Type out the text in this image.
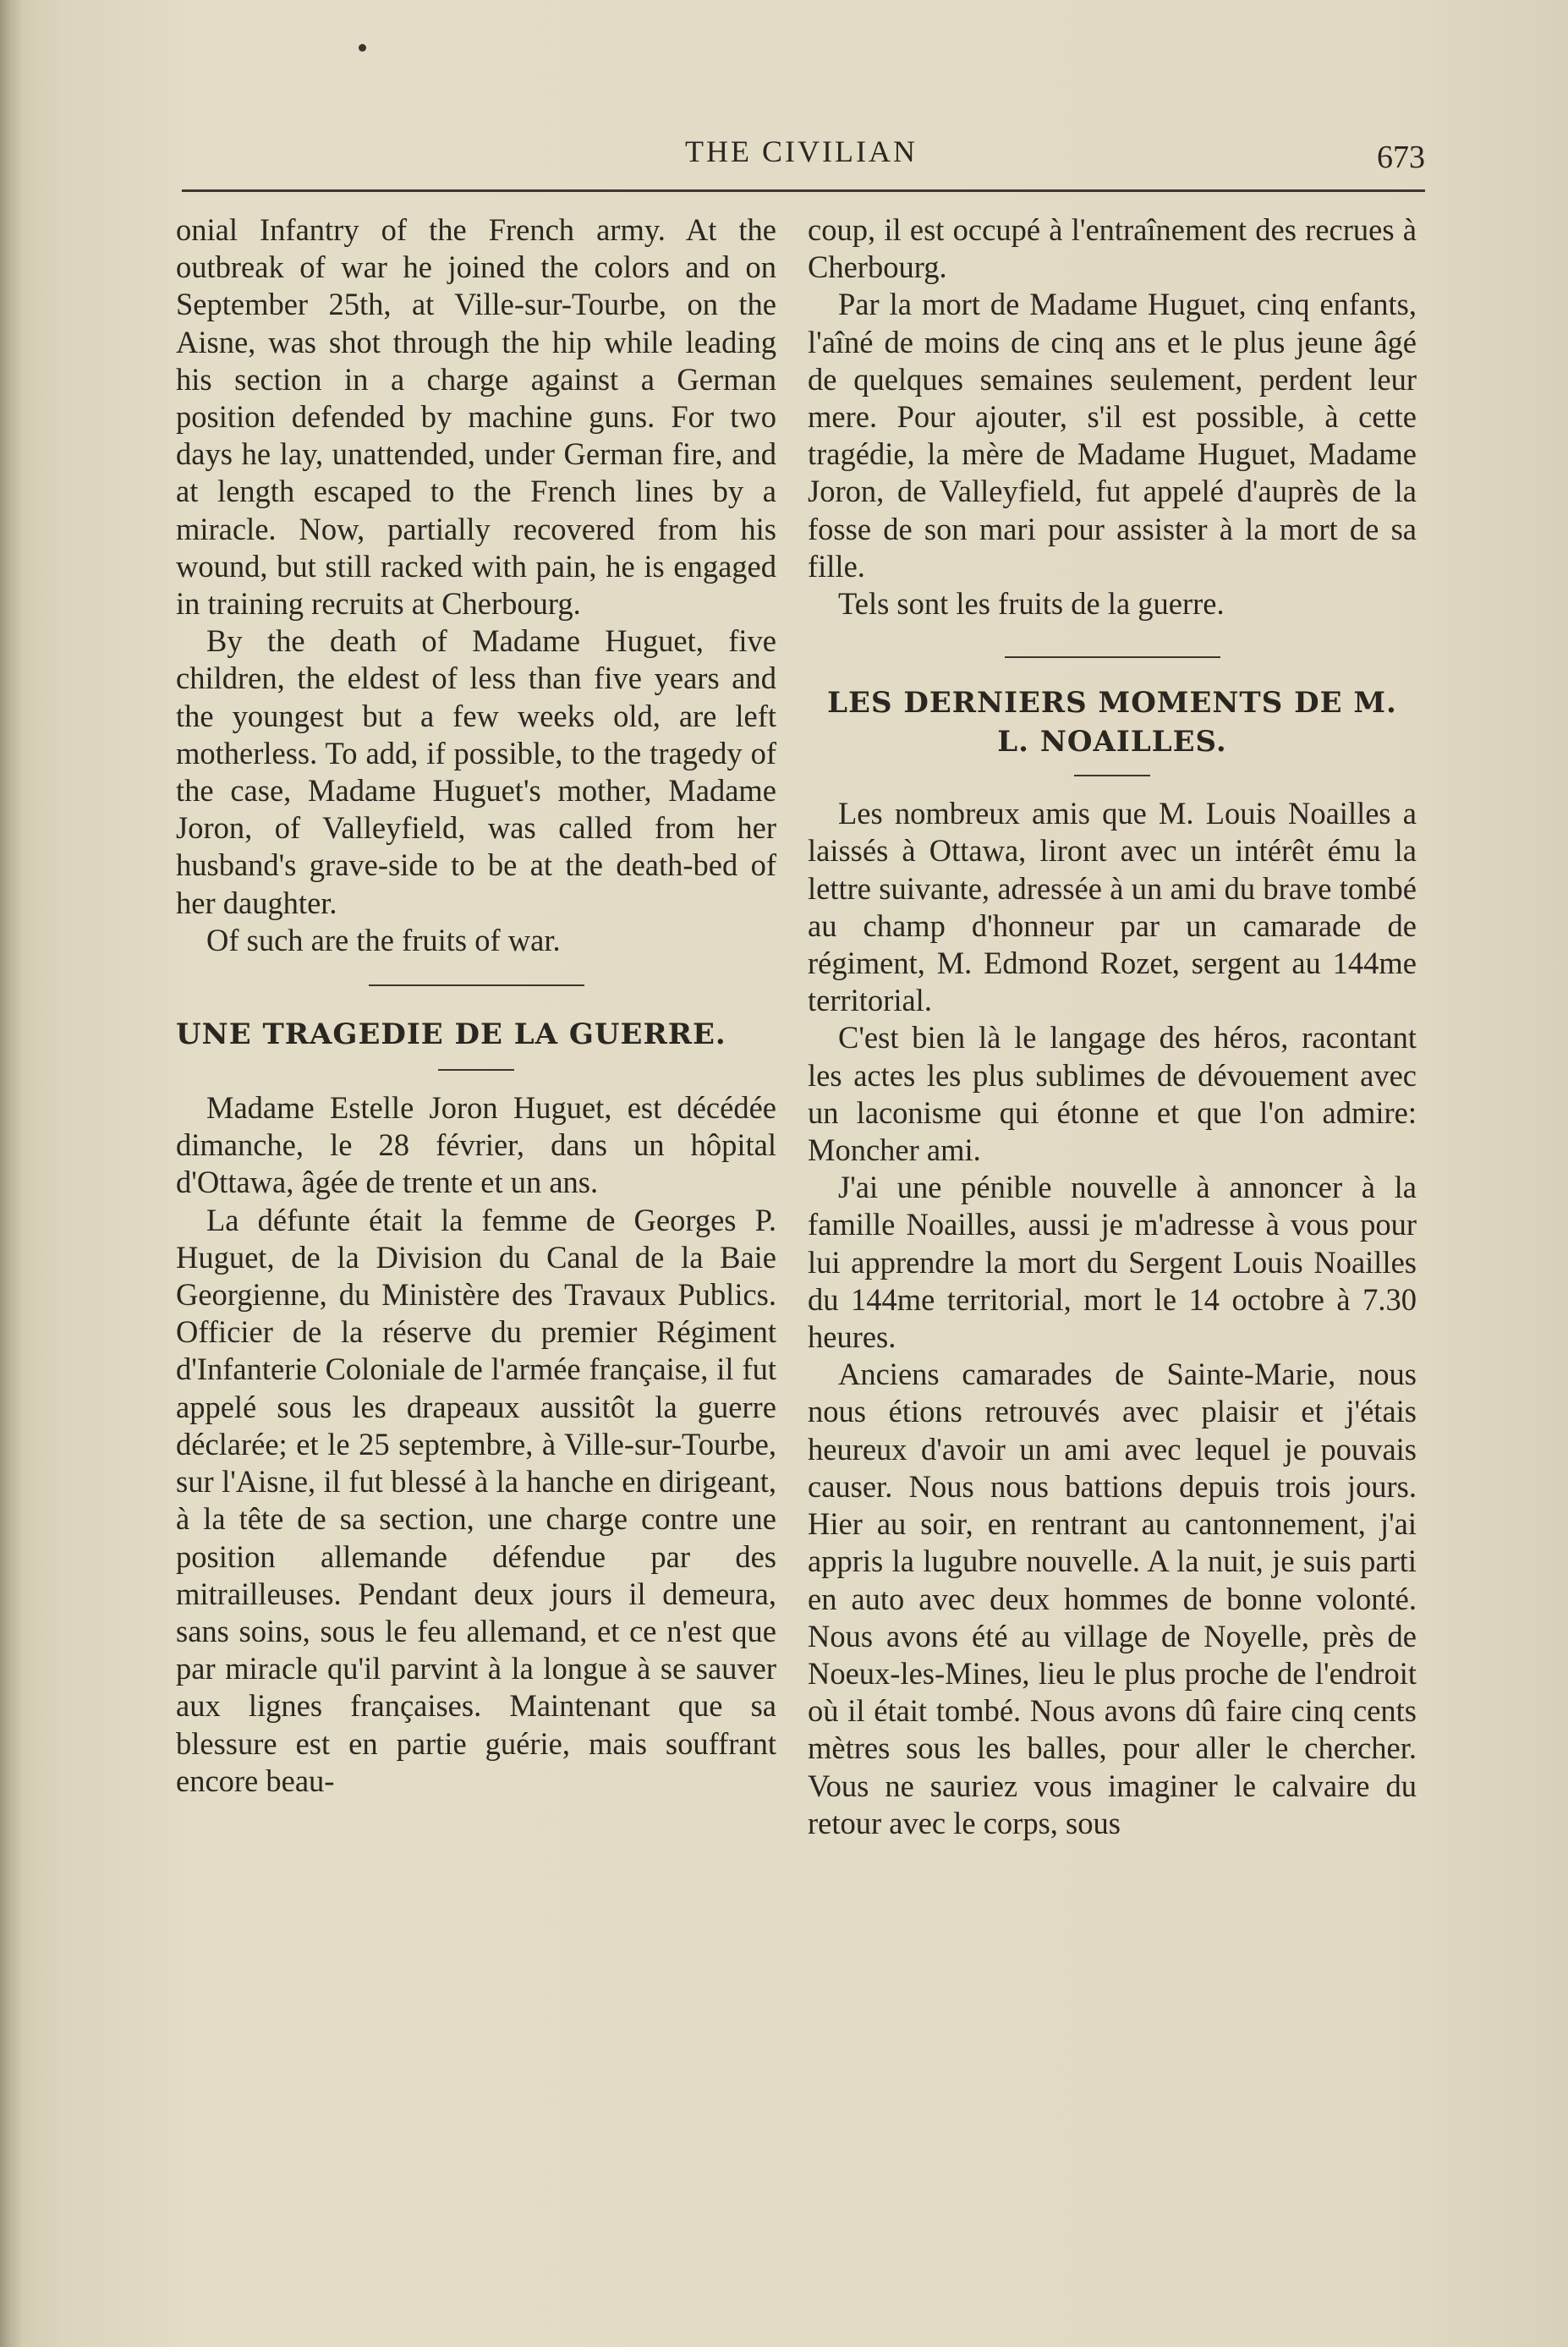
THE CIVILIAN	673

onial Infantry of the French army. At the outbreak of war he joined the colors and on September 25th, at Ville-sur-Tourbe, on the Aisne, was shot through the hip while leading his section in a charge against a German position defended by machine guns. For two days he lay, unattended, under German fire, and at length escaped to the French lines by a miracle. Now, partially recovered from his wound, but still racked with pain, he is engaged in training recruits at Cherbourg.

By the death of Madame Huguet, five children, the eldest of less than five years and the youngest but a few weeks old, are left motherless. To add, if possible, to the tragedy of the case, Madame Huguet's mother, Madame Joron, of Valleyfield, was called from her husband's grave-side to be at the death-bed of her daughter.

Of such are the fruits of war.

UNE TRAGEDIE DE LA GUERRE.

Madame Estelle Joron Huguet, est décédée dimanche, le 28 février, dans un hôpital d'Ottawa, âgée de trente et un ans.

La défunte était la femme de Georges P. Huguet, de la Division du Canal de la Baie Georgienne, du Ministère des Travaux Publics. Officier de la réserve du premier Régiment d'Infanterie Coloniale de l'armée française, il fut appelé sous les drapeaux aussitôt la guerre déclarée; et le 25 septembre, à Ville-sur-Tourbe, sur l'Aisne, il fut blessé à la hanche en dirigeant, à la tête de sa section, une charge contre une position allemande défendue par des mitrailleuses. Pendant deux jours il demeura, sans soins, sous le feu allemand, et ce n'est que par miracle qu'il parvint à la longue à se sauver aux lignes françaises. Maintenant que sa blessure est en partie guérie, mais souffrant encore beau-

coup, il est occupé à l'entraînement des recrues à Cherbourg.

Par la mort de Madame Huguet, cinq enfants, l'aîné de moins de cinq ans et le plus jeune âgé de quelques semaines seulement, perdent leur mere. Pour ajouter, s'il est possible, à cette tragédie, la mère de Madame Huguet, Madame Joron, de Valleyfield, fut appelé d'auprès de la fosse de son mari pour assister à la mort de sa fille.

Tels sont les fruits de la guerre.

LES DERNIERS MOMENTS DE M. L. NOAILLES.

Les nombreux amis que M. Louis Noailles a laissés à Ottawa, liront avec un intérêt ému la lettre suivante, adressée à un ami du brave tombé au champ d'honneur par un camarade de régiment, M. Edmond Rozet, sergent au 144me territorial.

C'est bien là le langage des héros, racontant les actes les plus sublimes de dévouement avec un laconisme qui étonne et que l'on admire: Moncher ami.

J'ai une pénible nouvelle à annoncer à la famille Noailles, aussi je m'adresse à vous pour lui apprendre la mort du Sergent Louis Noailles du 144me territorial, mort le 14 octobre à 7.30 heures.

Anciens camarades de Sainte-Marie, nous nous étions retrouvés avec plaisir et j'étais heureux d'avoir un ami avec lequel je pouvais causer. Nous nous battions depuis trois jours. Hier au soir, en rentrant au cantonnement, j'ai appris la lugubre nouvelle. A la nuit, je suis parti en auto avec deux hommes de bonne volonté. Nous avons été au village de Noyelle, près de Noeux-les-Mines, lieu le plus proche de l'endroit où il était tombé. Nous avons dû faire cinq cents mètres sous les balles, pour aller le chercher. Vous ne sauriez vous imaginer le calvaire du retour avec le corps, sous
